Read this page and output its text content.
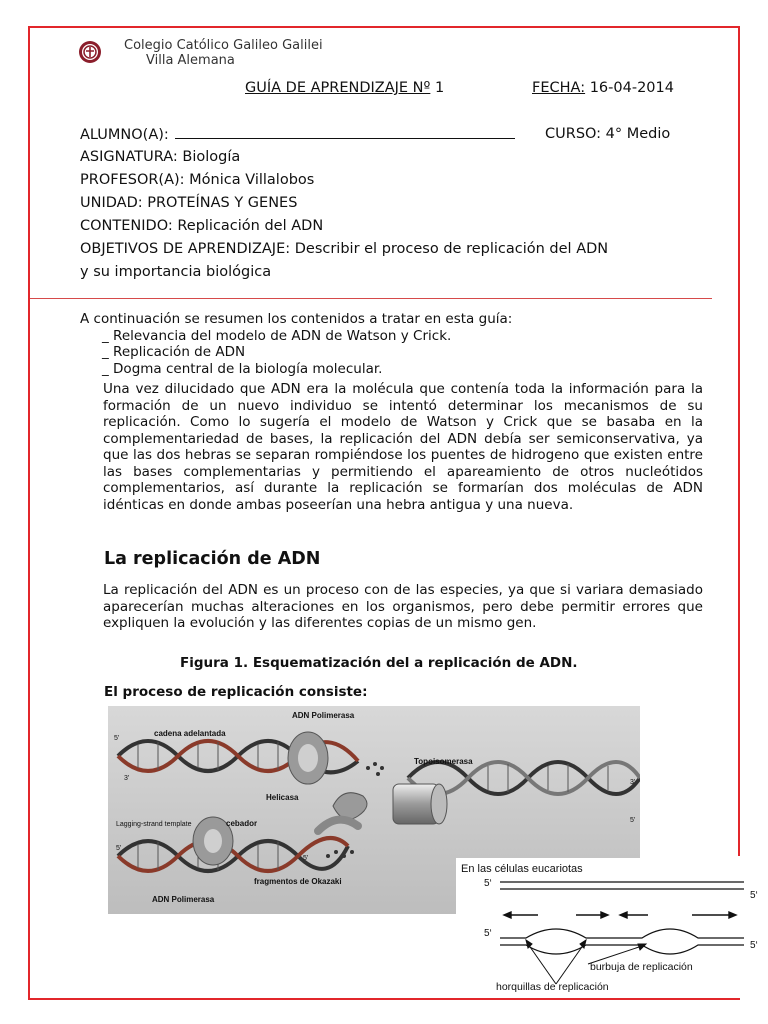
Colegio Católico Galileo Galilei
Villa Alemana
GUÍA DE APRENDIZAJE Nº 1	FECHA: 16-04-2014
ALUMNO(A):	CURSO: 4° Medio
ASIGNATURA: Biología
PROFESOR(A): Mónica Villalobos
UNIDAD: PROTEÍNAS Y GENES
CONTENIDO: Replicación del ADN
OBJETIVOS DE APRENDIZAJE: Describir el proceso de replicación del ADN
y su importancia biológica
A continuación se resumen los contenidos a tratar en esta guía:
_ Relevancia del modelo de ADN de Watson y Crick.
_ Replicación de ADN
_ Dogma central de la biología molecular.
Una vez dilucidado que ADN era la molécula que contenía toda la información para la formación de un nuevo individuo se intentó determinar los mecanismos de su replicación. Como lo sugería el modelo de Watson y Crick que se basaba en la complementariedad de bases, la replicación del ADN debía ser semiconservativa, ya que las dos hebras se separan rompiéndose los puentes de hidrogeno que existen entre las bases complementarias y permitiendo el apareamiento de otros nucleótidos complementarios, así durante la replicación se formarían dos moléculas de ADN idénticas en donde ambas poseerían una hebra antigua y una nueva.
La replicación de ADN
La replicación del ADN es un proceso con de las especies, ya que si variara demasiado aparecerían muchas alteraciones en los organismos, pero debe permitir errores que expliquen la evolución y las diferentes copias de un mismo gen.
Figura 1. Esquematización del a replicación de ADN.
El proceso de replicación consiste:
ADN Polimerasa
cadena adelantada
Topoisomerasa
Helicasa
cebador
fragmentos de Okazaki
ADN Polimerasa
Lagging-strand template
5'
3'
3'
5'
5'
5'
En las células eucariotas
5‘
5‘
5‘
5‘
burbuja de replicación
horquillas de replicación
